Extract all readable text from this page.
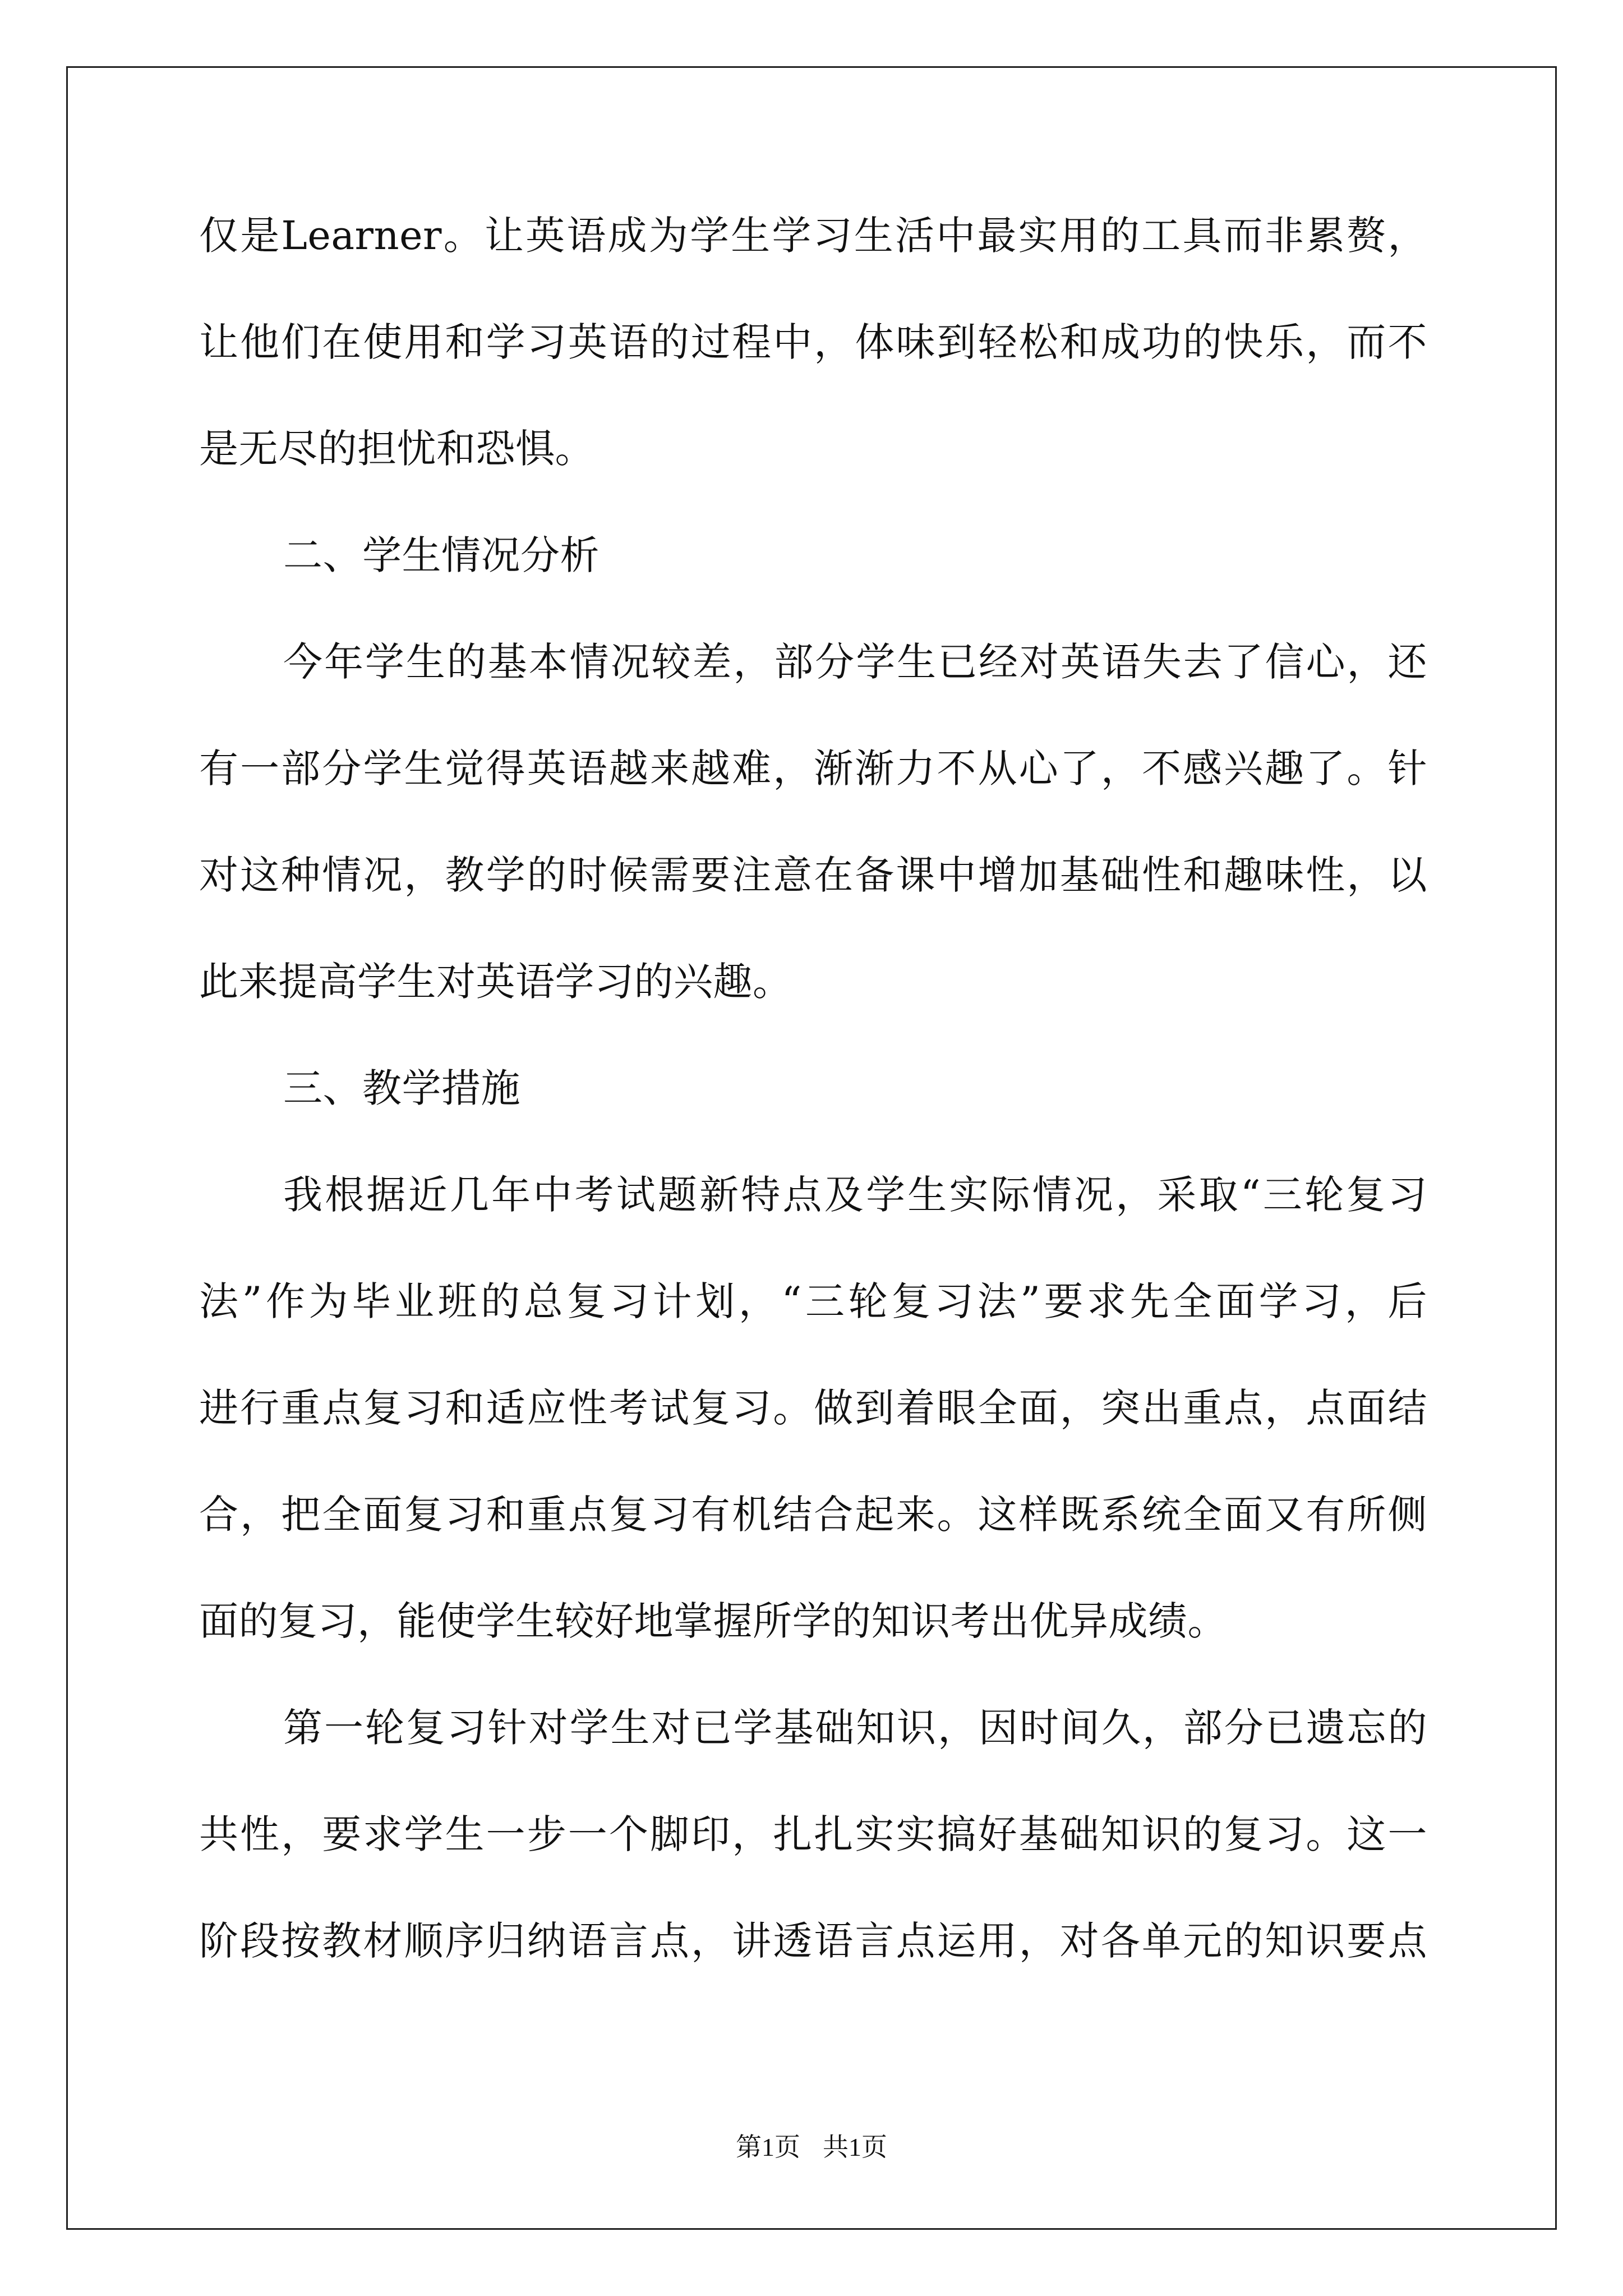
仅是Learner。让英语成为学生学习生活中最实用的工具而非累赘，
让他们在使用和学习英语的过程中，体味到轻松和成功的快乐，而不
是无尽的担忧和恐惧。
二、学生情况分析
今年学生的基本情况较差，部分学生已经对英语失去了信心，还
有一部分学生觉得英语越来越难，渐渐力不从心了，不感兴趣了。针
对这种情况，教学的时候需要注意在备课中增加基础性和趣味性，以
此来提高学生对英语学习的兴趣。
三、教学措施
我根据近几年中考试题新特点及学生实际情况，采取“三轮复习
法”作为毕业班的总复习计划，“三轮复习法”要求先全面学习，后
进行重点复习和适应性考试复习。做到着眼全面，突出重点，点面结
合，把全面复习和重点复习有机结合起来。这样既系统全面又有所侧
面的复习，能使学生较好地掌握所学的知识考出优异成绩。
第一轮复习针对学生对已学基础知识，因时间久，部分已遗忘的
共性，要求学生一步一个脚印，扎扎实实搞好基础知识的复习。这一
阶段按教材顺序归纳语言点，讲透语言点运用，对各单元的知识要点
第1页 共1页
